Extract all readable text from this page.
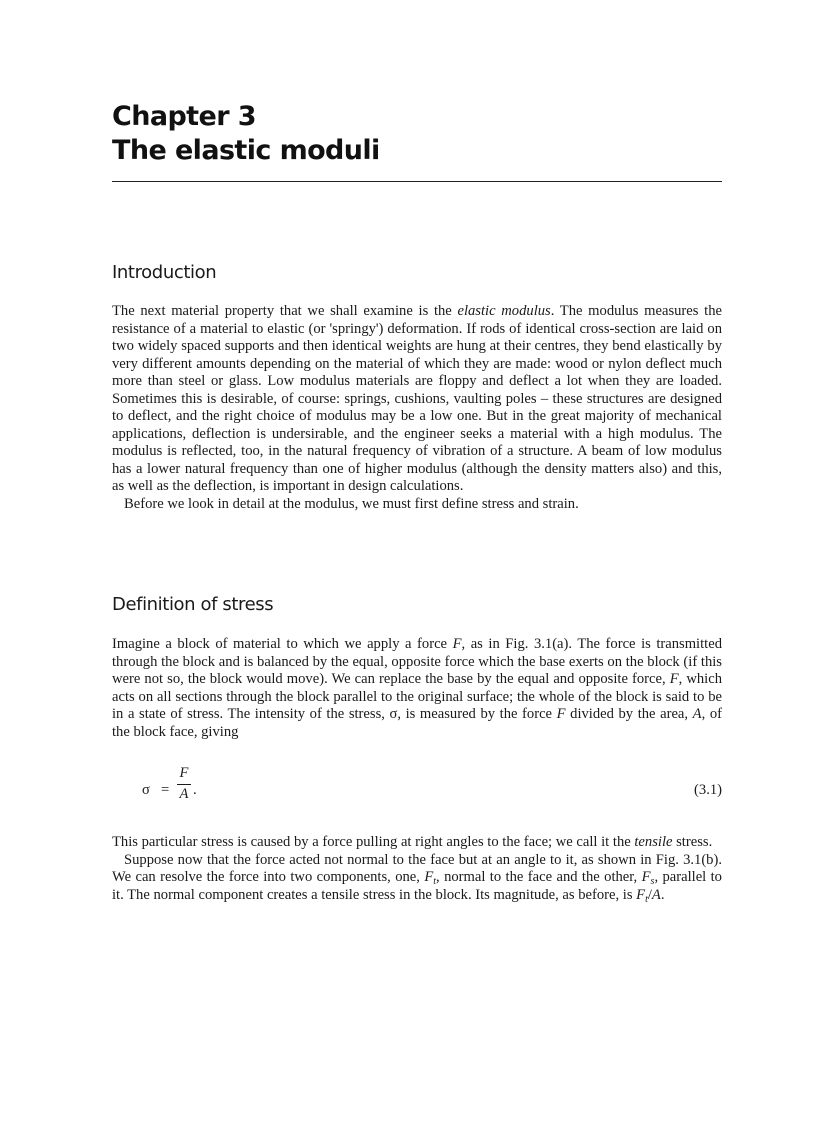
Chapter 3
The elastic moduli
Introduction

The next material property that we shall examine is the elastic modulus. The modulus measures the resistance of a material to elastic (or 'springy') deformation. If rods of identical cross-section are laid on two widely spaced supports and then identical weights are hung at their centres, they bend elastically by very different amounts depending on the material of which they are made: wood or nylon deflect much more than steel or glass. Low modulus materials are floppy and deflect a lot when they are loaded. Sometimes this is desirable, of course: springs, cushions, vaulting poles – these structures are designed to deflect, and the right choice of modulus may be a low one. But in the great majority of mechanical applications, deflection is undersirable, and the engineer seeks a material with a high modulus. The modulus is reflected, too, in the natural frequency of vibration of a structure. A beam of low modulus has a lower natural frequency than one of higher modulus (although the density matters also) and this, as well as the deflection, is important in design calculations.

Before we look in detail at the modulus, we must first define stress and strain.

Definition of stress

Imagine a block of material to which we apply a force F, as in Fig. 3.1(a). The force is transmitted through the block and is balanced by the equal, opposite force which the base exerts on the block (if this were not so, the block would move). We can replace the base by the equal and opposite force, F, which acts on all sections through the block parallel to the original surface; the whole of the block is said to be in a state of stress. The intensity of the stress, σ, is measured by the force F divided by the area, A, of the block face, giving

σ =
F
A .	(3.1)

This particular stress is caused by a force pulling at right angles to the face; we call it the tensile stress.

Suppose now that the force acted not normal to the face but at an angle to it, as shown in Fig. 3.1(b). We can resolve the force into two components, one, $F_t$, normal to the face and the other, $F_s$, parallel to it. The normal component creates a tensile stress in the block. Its magnitude, as before, is $F_t/A$.
